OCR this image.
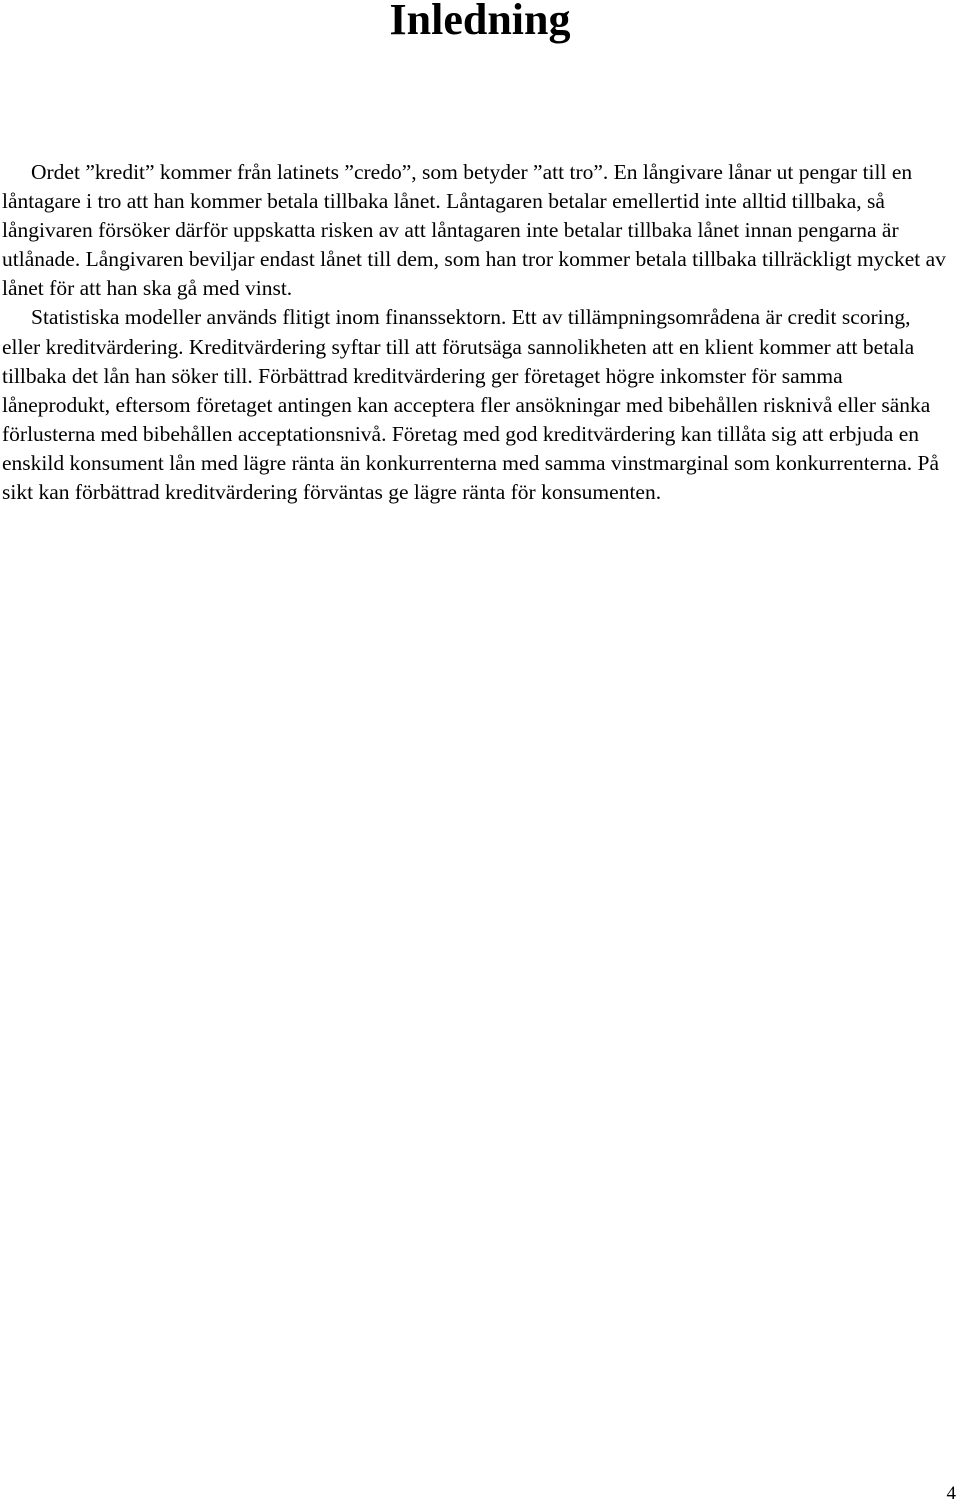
Inledning

Ordet ”kredit” kommer från latinets ”credo”, som betyder ”att tro”. En långivare lånar ut pengar till en låntagare i tro att han kommer betala tillbaka lånet. Låntagaren betalar emellertid inte alltid tillbaka, så långivaren försöker därför uppskatta risken av att låntagaren inte betalar tillbaka lånet innan pengarna är utlånade. Långivaren beviljar endast lånet till dem, som han tror kommer betala tillbaka tillräckligt mycket av lånet för att han ska gå med vinst.

Statistiska modeller används flitigt inom finanssektorn. Ett av tillämpningsområdena är credit scoring, eller kreditvärdering. Kreditvärdering syftar till att förutsäga sannolikheten att en klient kommer att betala tillbaka det lån han söker till. Förbättrad kreditvärdering ger företaget högre inkomster för samma låneprodukt, eftersom företaget antingen kan acceptera fler ansökningar med bibehållen risknivå eller sänka förlusterna med bibehållen acceptationsnivå. Företag med god kreditvärdering kan tillåta sig att erbjuda en enskild konsument lån med lägre ränta än konkurrenterna med samma vinstmarginal som konkurrenterna. På sikt kan förbättrad kreditvärdering förväntas ge lägre ränta för konsumenten.

4
